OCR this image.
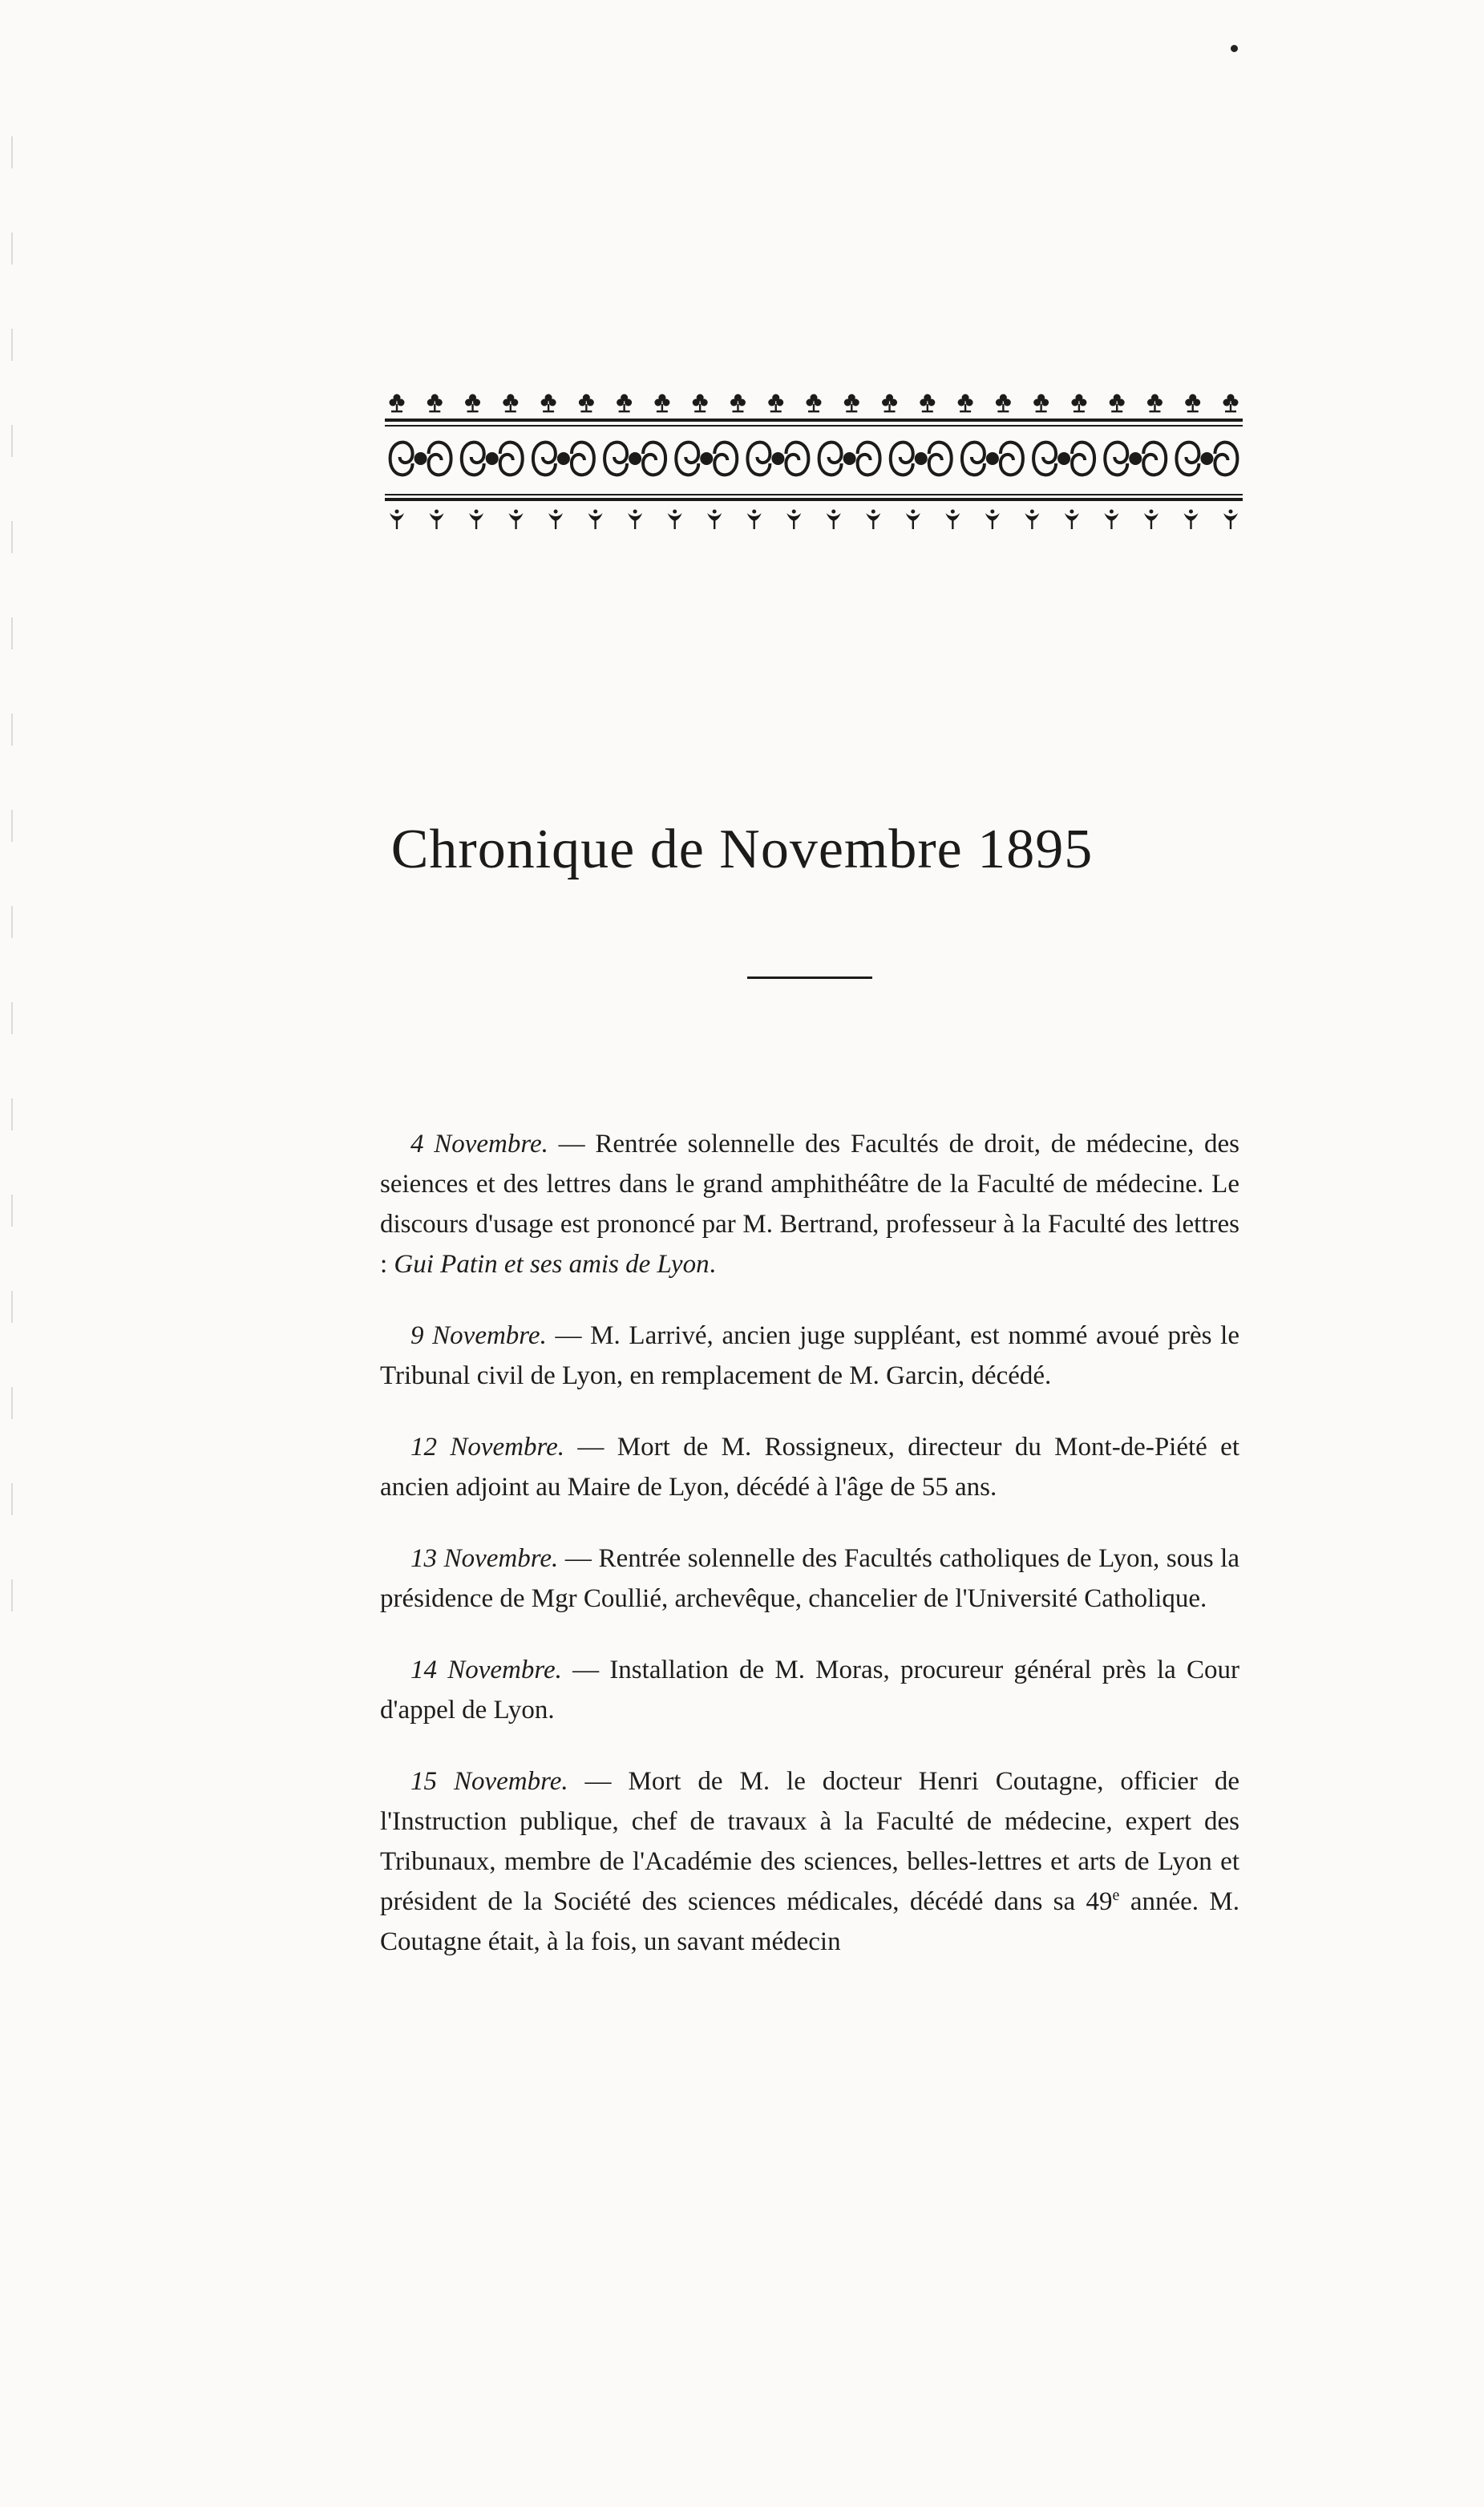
Chronique de Novembre 1895

4 Novembre. — Rentrée solennelle des Facultés de droit, de médecine, des seiences et des lettres dans le grand amphithéâtre de la Faculté de médecine. Le discours d'usage est prononcé par M. Bertrand, professeur à la Faculté des lettres : Gui Patin et ses amis de Lyon.

9 Novembre. — M. Larrivé, ancien juge suppléant, est nommé avoué près le Tribunal civil de Lyon, en remplacement de M. Garcin, décédé.

12 Novembre. — Mort de M. Rossigneux, directeur du Mont-de-Piété et ancien adjoint au Maire de Lyon, décédé à l'âge de 55 ans.

13 Novembre. — Rentrée solennelle des Facultés catholiques de Lyon, sous la présidence de Mgr Coullié, archevêque, chancelier de l'Université Catholique.

14 Novembre. — Installation de M. Moras, procureur général près la Cour d'appel de Lyon.

15 Novembre. — Mort de M. le docteur Henri Coutagne, officier de l'Instruction publique, chef de travaux à la Faculté de médecine, expert des Tribunaux, membre de l'Académie des sciences, belles-lettres et arts de Lyon et président de la Société des sciences médicales, décédé dans sa 49e année. M. Coutagne était, à la fois, un savant médecin
